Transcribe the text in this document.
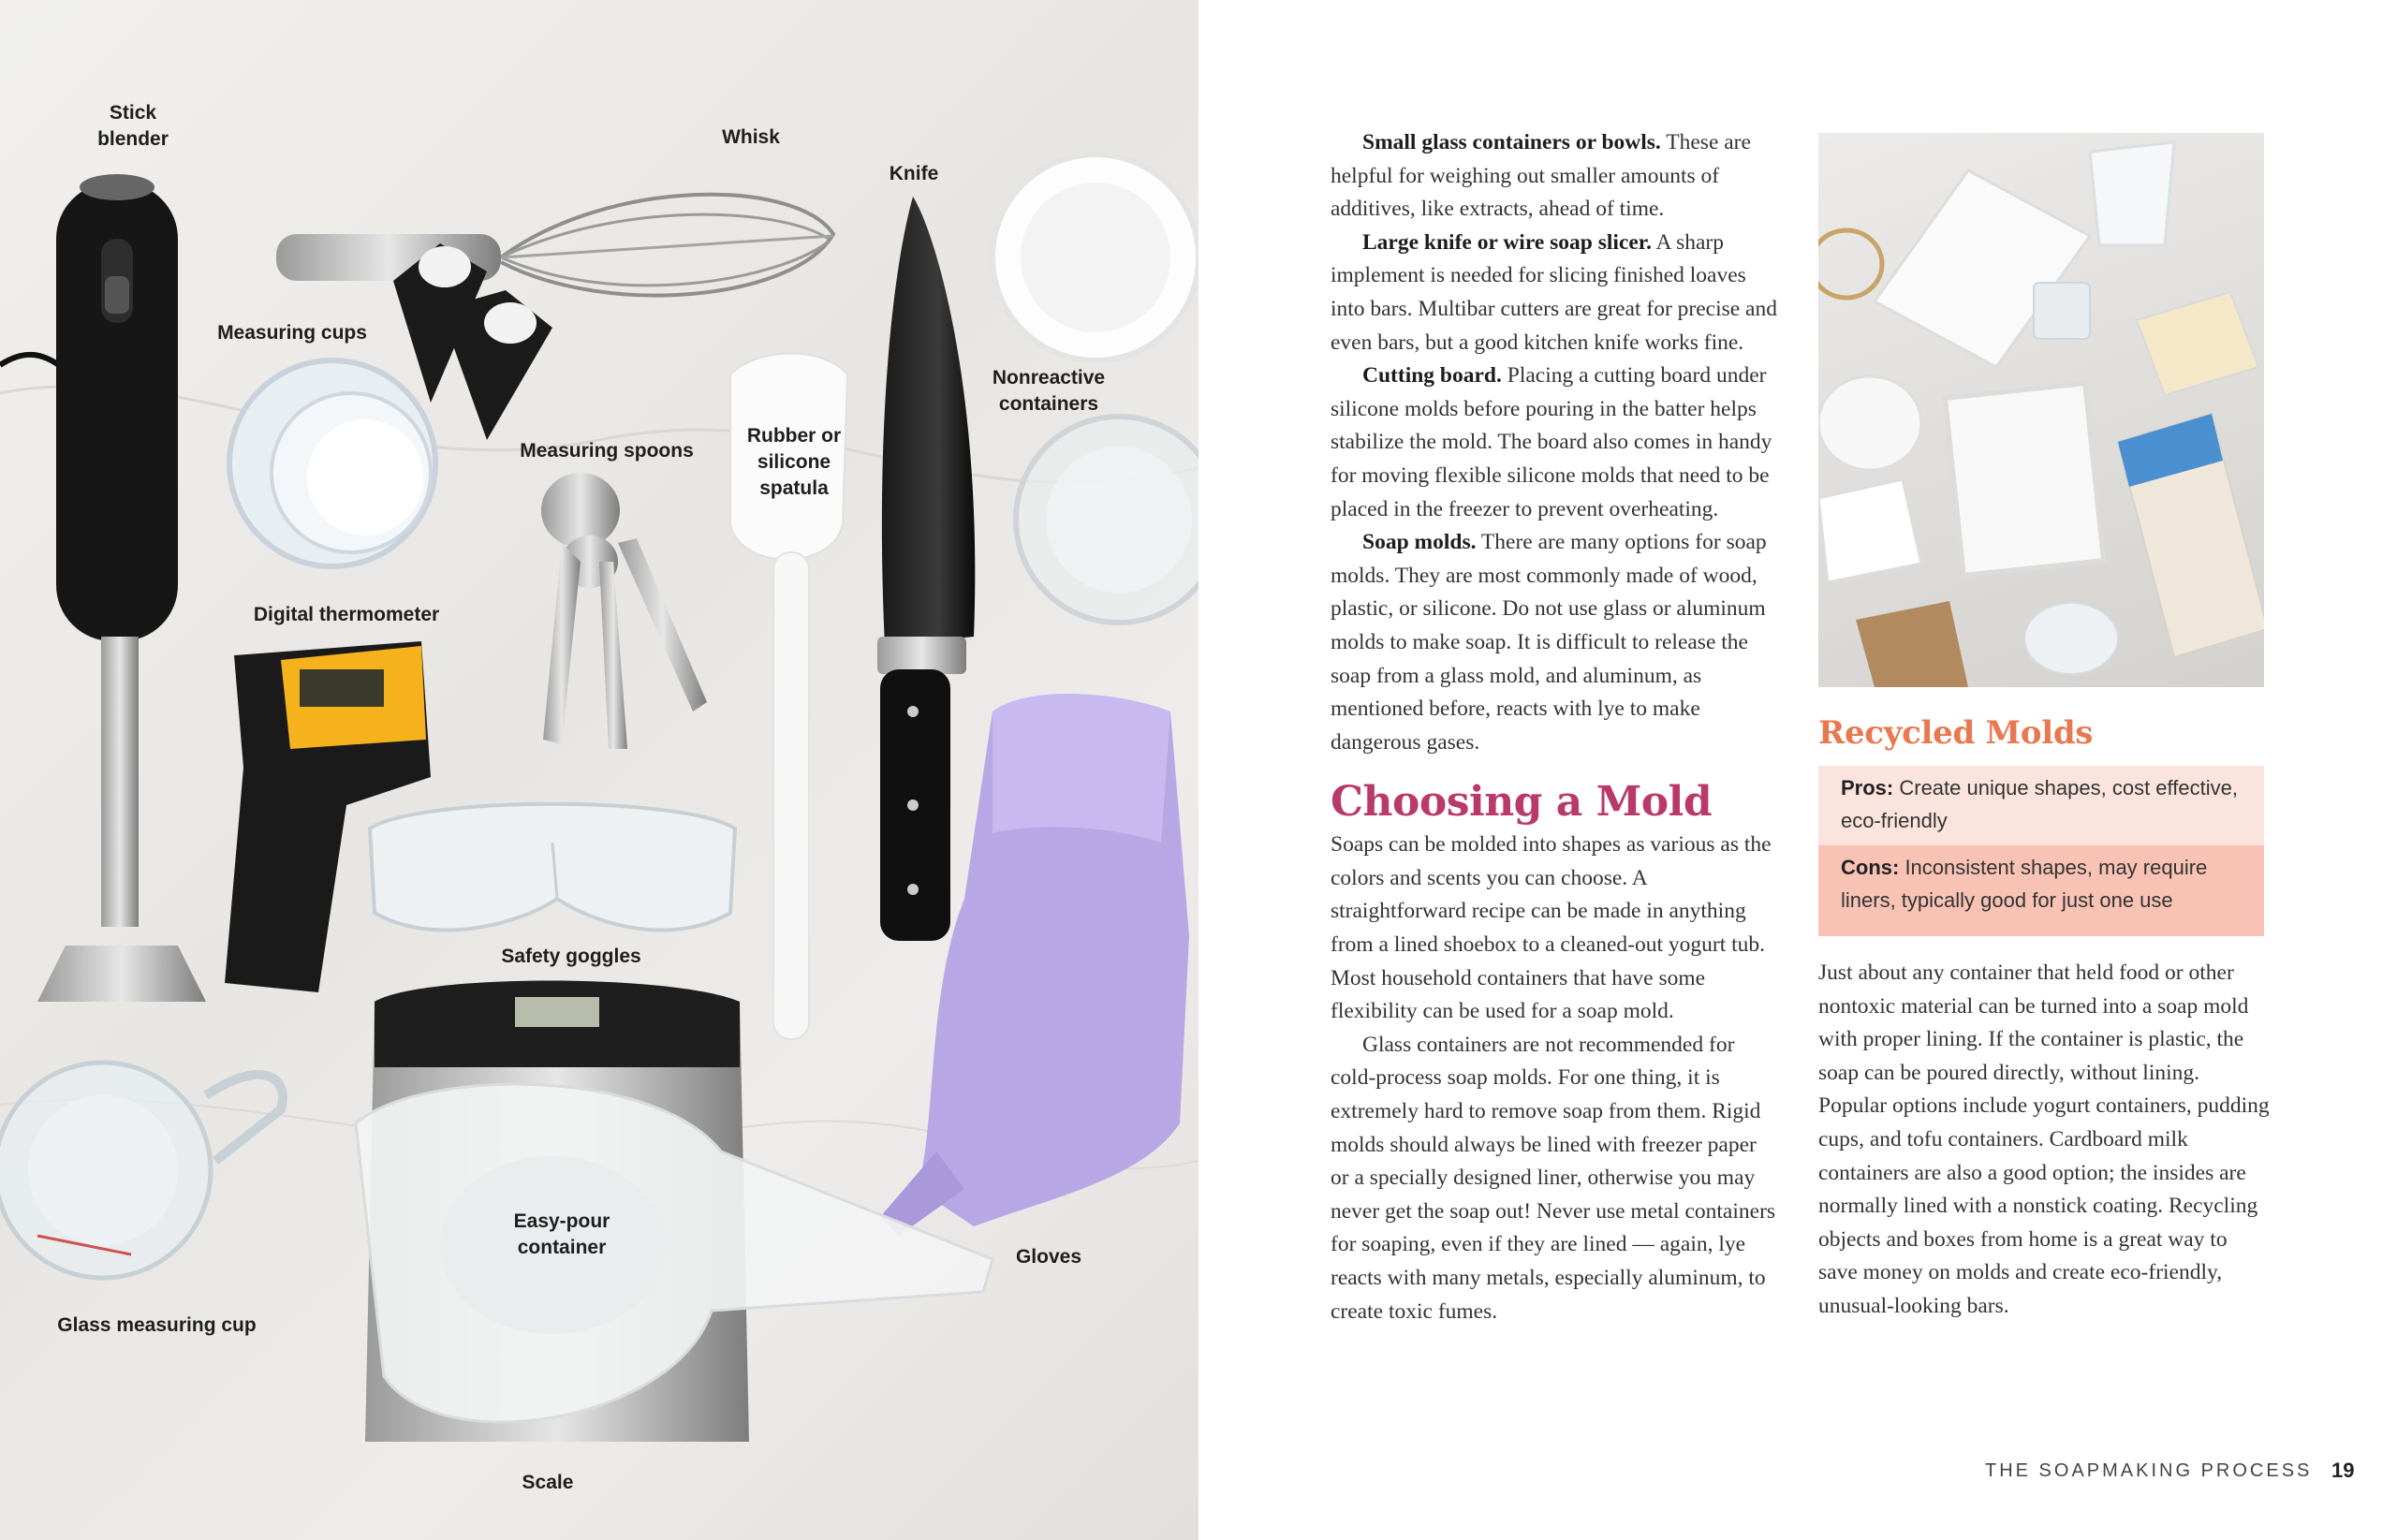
Stick
blender	Whisk
Knife
Measuring cups
Nonreactive
containers
Measuring spoons
Rubber or
silicone
spatula
Digital thermometer
Safety goggles
Easy-pour
container	Gloves
Glass measuring cup
Scale

Small glass containers or bowls. These are helpful for weighing out smaller amounts of additives, like extracts, ahead of time.

Large knife or wire soap slicer. A sharp implement is needed for slicing finished loaves into bars. Multibar cutters are great for precise and even bars, but a good kitchen knife works fine.

Cutting board. Placing a cutting board under silicone molds before pouring in the batter helps stabilize the mold. The board also comes in handy for moving flexible silicone molds that need to be placed in the freezer to prevent overheating.

Soap molds. There are many options for soap molds. They are most commonly made of wood, plastic, or silicone. Do not use glass or aluminum molds to make soap. It is difficult to release the soap from a glass mold, and aluminum, as mentioned before, reacts with lye to make dangerous gases.

Choosing a Mold

Soaps can be molded into shapes as various as the colors and scents you can choose. A straightforward recipe can be made in anything from a lined shoebox to a cleaned-out yogurt tub. Most household containers that have some flexibility can be used for a soap mold.

Glass containers are not recommended for cold-process soap molds. For one thing, it is extremely hard to remove soap from them. Rigid molds should always be lined with freezer paper or a specially designed liner, otherwise you may never get the soap out! Never use metal containers for soaping, even if they are lined — again, lye reacts with many metals, especially aluminum, to create toxic fumes.

Recycled Molds
Pros: Create unique shapes, cost effective, eco-friendly
Cons: Inconsistent shapes, may require liners, typically good for just one use
Just about any container that held food or other nontoxic material can be turned into a soap mold with proper lining. If the container is plastic, the soap can be poured directly, without lining. Popular options include yogurt containers, pudding cups, and tofu containers. Cardboard milk containers are also a good option; the insides are normally lined with a nonstick coating. Recycling objects and boxes from home is a great way to save money on molds and create eco-friendly, unusual-looking bars.
THE SOAPMAKING PROCESS 19
